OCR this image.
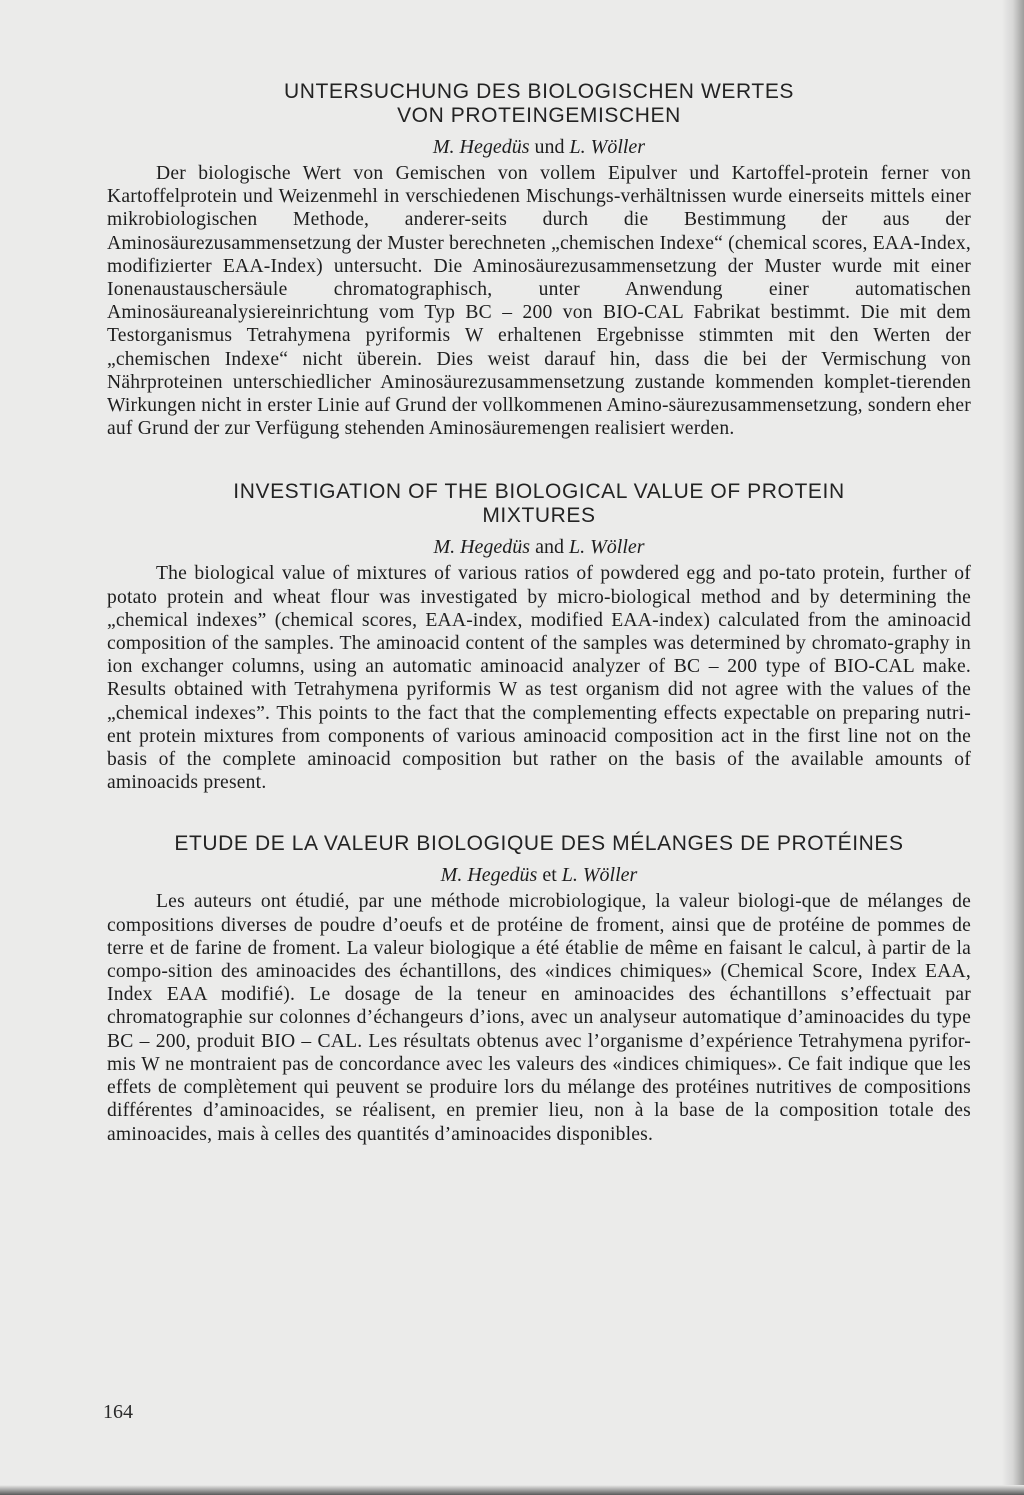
UNTERSUCHUNG DES BIOLOGISCHEN WERTES
VON PROTEINGEMISCHEN

M. Hegedüs und L. Wöller

Der biologische Wert von Gemischen von vollem Eipulver und Kartoffel-protein ferner von Kartoffelprotein und Weizenmehl in verschiedenen Mischungs-verhältnissen wurde einerseits mittels einer mikrobiologischen Methode, anderer-seits durch die Bestimmung der aus der Aminosäurezusammensetzung der Muster berechneten „chemischen Indexe“ (chemical scores, EAA-Index, modifizierter EAA-Index) untersucht. Die Aminosäurezusammensetzung der Muster wurde mit einer Ionenaustauschersäule chromatographisch, unter Anwendung einer automatischen Aminosäureanalysiereinrichtung vom Typ BC – 200 von BIO-CAL Fabrikat bestimmt. Die mit dem Testorganismus Tetrahymena pyriformis W erhaltenen Ergebnisse stimmten mit den Werten der „chemischen Indexe“ nicht überein. Dies weist darauf hin, dass die bei der Vermischung von Nährproteinen unterschiedlicher Aminosäurezusammensetzung zustande kommenden komplet-tierenden Wirkungen nicht in erster Linie auf Grund der vollkommenen Amino-säurezusammensetzung, sondern eher auf Grund der zur Verfügung stehenden Aminosäuremengen realisiert werden.

INVESTIGATION OF THE BIOLOGICAL VALUE OF PROTEIN
MIXTURES

M. Hegedüs and L. Wöller

The biological value of mixtures of various ratios of powdered egg and po-tato protein, further of potato protein and wheat flour was investigated by micro-biological method and by determining the „chemical indexes” (chemical scores, EAA-index, modified EAA-index) calculated from the aminoacid composition of the samples. The aminoacid content of the samples was determined by chromato-graphy in ion exchanger columns, using an automatic aminoacid analyzer of BC – 200 type of BIO-CAL make. Results obtained with Tetrahymena pyriformis W as test organism did not agree with the values of the „chemical indexes”. This points to the fact that the complementing effects expectable on preparing nutri-ent protein mixtures from components of various aminoacid composition act in the first line not on the basis of the complete aminoacid composition but rather on the basis of the available amounts of aminoacids present.

ETUDE DE LA VALEUR BIOLOGIQUE DES MÉLANGES DE PROTÉINES

M. Hegedüs et L. Wöller

Les auteurs ont étudié, par une méthode microbiologique, la valeur biologi-que de mélanges de compositions diverses de poudre d’oeufs et de protéine de froment, ainsi que de protéine de pommes de terre et de farine de froment. La valeur biologique a été établie de même en faisant le calcul, à partir de la compo-sition des aminoacides des échantillons, des «indices chimiques» (Chemical Score, Index EAA, Index EAA modifié). Le dosage de la teneur en aminoacides des échantillons s’effectuait par chromatographie sur colonnes d’échangeurs d’ions, avec un analyseur automatique d’aminoacides du type BC – 200, produit BIO – CAL. Les résultats obtenus avec l’organisme d’expérience Tetrahymena pyrifor-mis W ne montraient pas de concordance avec les valeurs des «indices chimiques». Ce fait indique que les effets de complètement qui peuvent se produire lors du mélange des protéines nutritives de compositions différentes d’aminoacides, se réalisent, en premier lieu, non à la base de la composition totale des aminoacides, mais à celles des quantités d’aminoacides disponibles.

164
